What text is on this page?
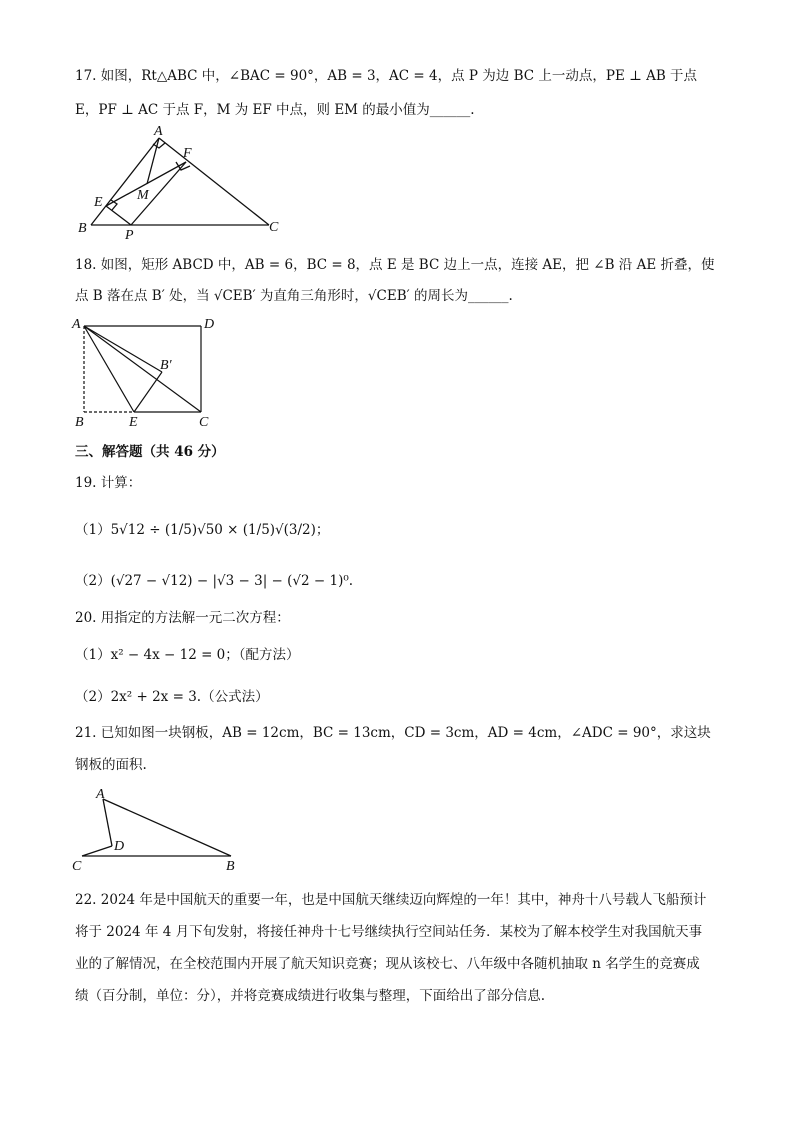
17. 如图，Rt△ABC 中，∠BAC = 90°，AB = 3，AC = 4，点 P 为边 BC 上一动点，PE ⊥ AB 于点
E，PF ⊥ AC 于点 F，M 为 EF 中点，则 EM 的最小值为______.
A
F
M
E
B	P
C
18. 如图，矩形 ABCD 中，AB = 6，BC = 8，点 E 是 BC 边上一点，连接 AE，把 ∠B 沿 AE 折叠，使
点 B 落在点 B′ 处，当 √CEB′ 为直角三角形时，√CEB′ 的周长为______.
A	D
B′
B	E	C
三、解答题（共 46 分）
19. 计算：
（1）5√12 ÷ (1/5)√50 × (1/5)√(3/2)；
（2）(√27 − √12) − |√3 − 3| − (√2 − 1)⁰.
20. 用指定的方法解一元二次方程：
（1）x² − 4x − 12 = 0；（配方法）
（2）2x² + 2x = 3.（公式法）
21. 已知如图一块钢板，AB = 12cm，BC = 13cm，CD = 3cm，AD = 4cm，∠ADC = 90°，求这块
钢板的面积.
A
D
C	B
22. 2024 年是中国航天的重要一年，也是中国航天继续迈向辉煌的一年！其中，神舟十八号载人飞船预计
将于 2024 年 4 月下旬发射，将接任神舟十七号继续执行空间站任务．某校为了解本校学生对我国航天事
业的了解情况，在全校范围内开展了航天知识竞赛；现从该校七、八年级中各随机抽取 n 名学生的竞赛成
绩（百分制，单位：分），并将竞赛成绩进行收集与整理，下面给出了部分信息.
